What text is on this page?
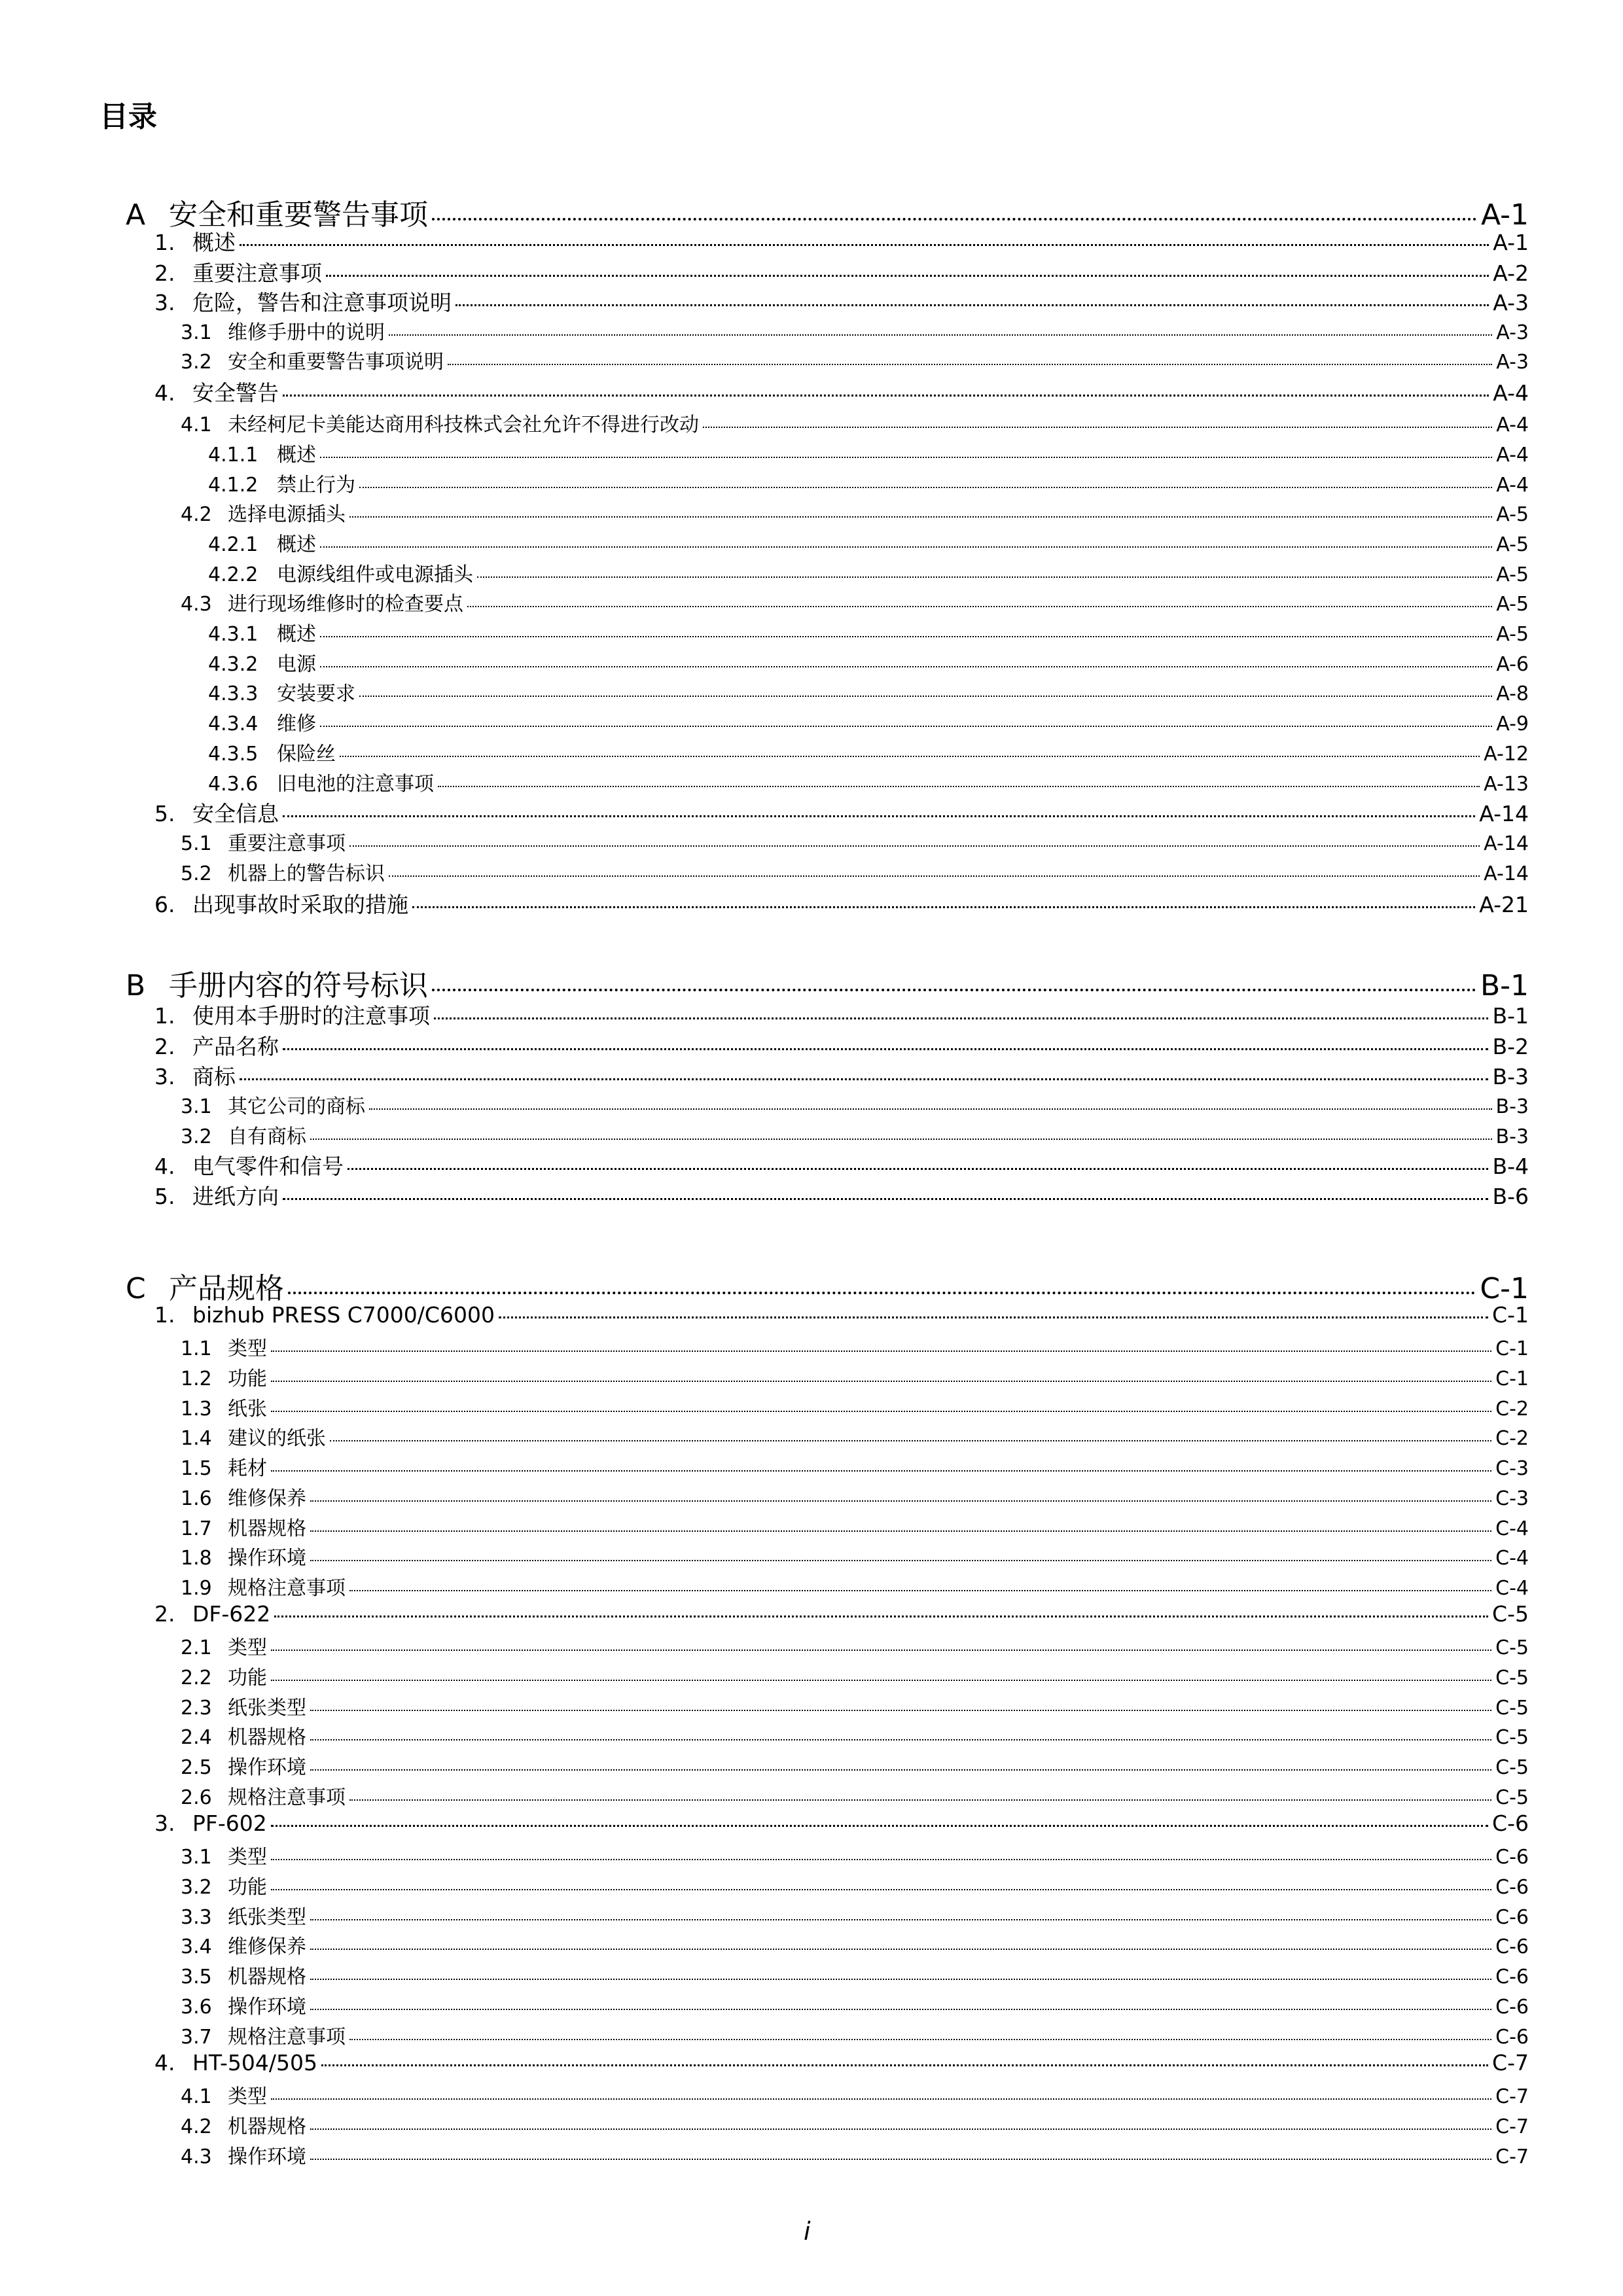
目录
A 安全和重要警告事项	A-1
1. 概述	A-1
2. 重要注意事项	A-2
3. 危险，警告和注意事项说明	A-3
3.1 维修手册中的说明	A-3
3.2 安全和重要警告事项说明	A-3
4. 安全警告	A-4
4.1 未经柯尼卡美能达商用科技株式会社允许不得进行改动	A-4
4.1.1 概述	A-4
4.1.2 禁止行为	A-4
4.2 选择电源插头	A-5
4.2.1 概述	A-5
4.2.2 电源线组件或电源插头	A-5
4.3 进行现场维修时的检查要点	A-5
4.3.1 概述	A-5
4.3.2 电源	A-6
4.3.3 安装要求	A-8
4.3.4 维修	A-9
4.3.5 保险丝	A-12
4.3.6 旧电池的注意事项	A-13
5. 安全信息	A-14
5.1 重要注意事项	A-14
5.2 机器上的警告标识	A-14
6. 出现事故时采取的措施	A-21
B 手册内容的符号标识	B-1
1. 使用本手册时的注意事项	B-1
2. 产品名称	B-2
3. 商标	B-3
3.1 其它公司的商标	B-3
3.2 自有商标	B-3
4. 电气零件和信号	B-4
5. 进纸方向	B-6
C 产品规格	C-1
1. bizhub PRESS C7000/C6000	C-1
1.1 类型	C-1
1.2 功能	C-1
1.3 纸张	C-2
1.4 建议的纸张	C-2
1.5 耗材	C-3
1.6 维修保养	C-3
1.7 机器规格	C-4
1.8 操作环境	C-4
1.9 规格注意事项	C-4
2. DF-622	C-5
2.1 类型	C-5
2.2 功能	C-5
2.3 纸张类型	C-5
2.4 机器规格	C-5
2.5 操作环境	C-5
2.6 规格注意事项	C-5
3. PF-602	C-6
3.1 类型	C-6
3.2 功能	C-6
3.3 纸张类型	C-6
3.4 维修保养	C-6
3.5 机器规格	C-6
3.6 操作环境	C-6
3.7 规格注意事项	C-6
4. HT-504/505	C-7
4.1 类型	C-7
4.2 机器规格	C-7
4.3 操作环境	C-7
i
